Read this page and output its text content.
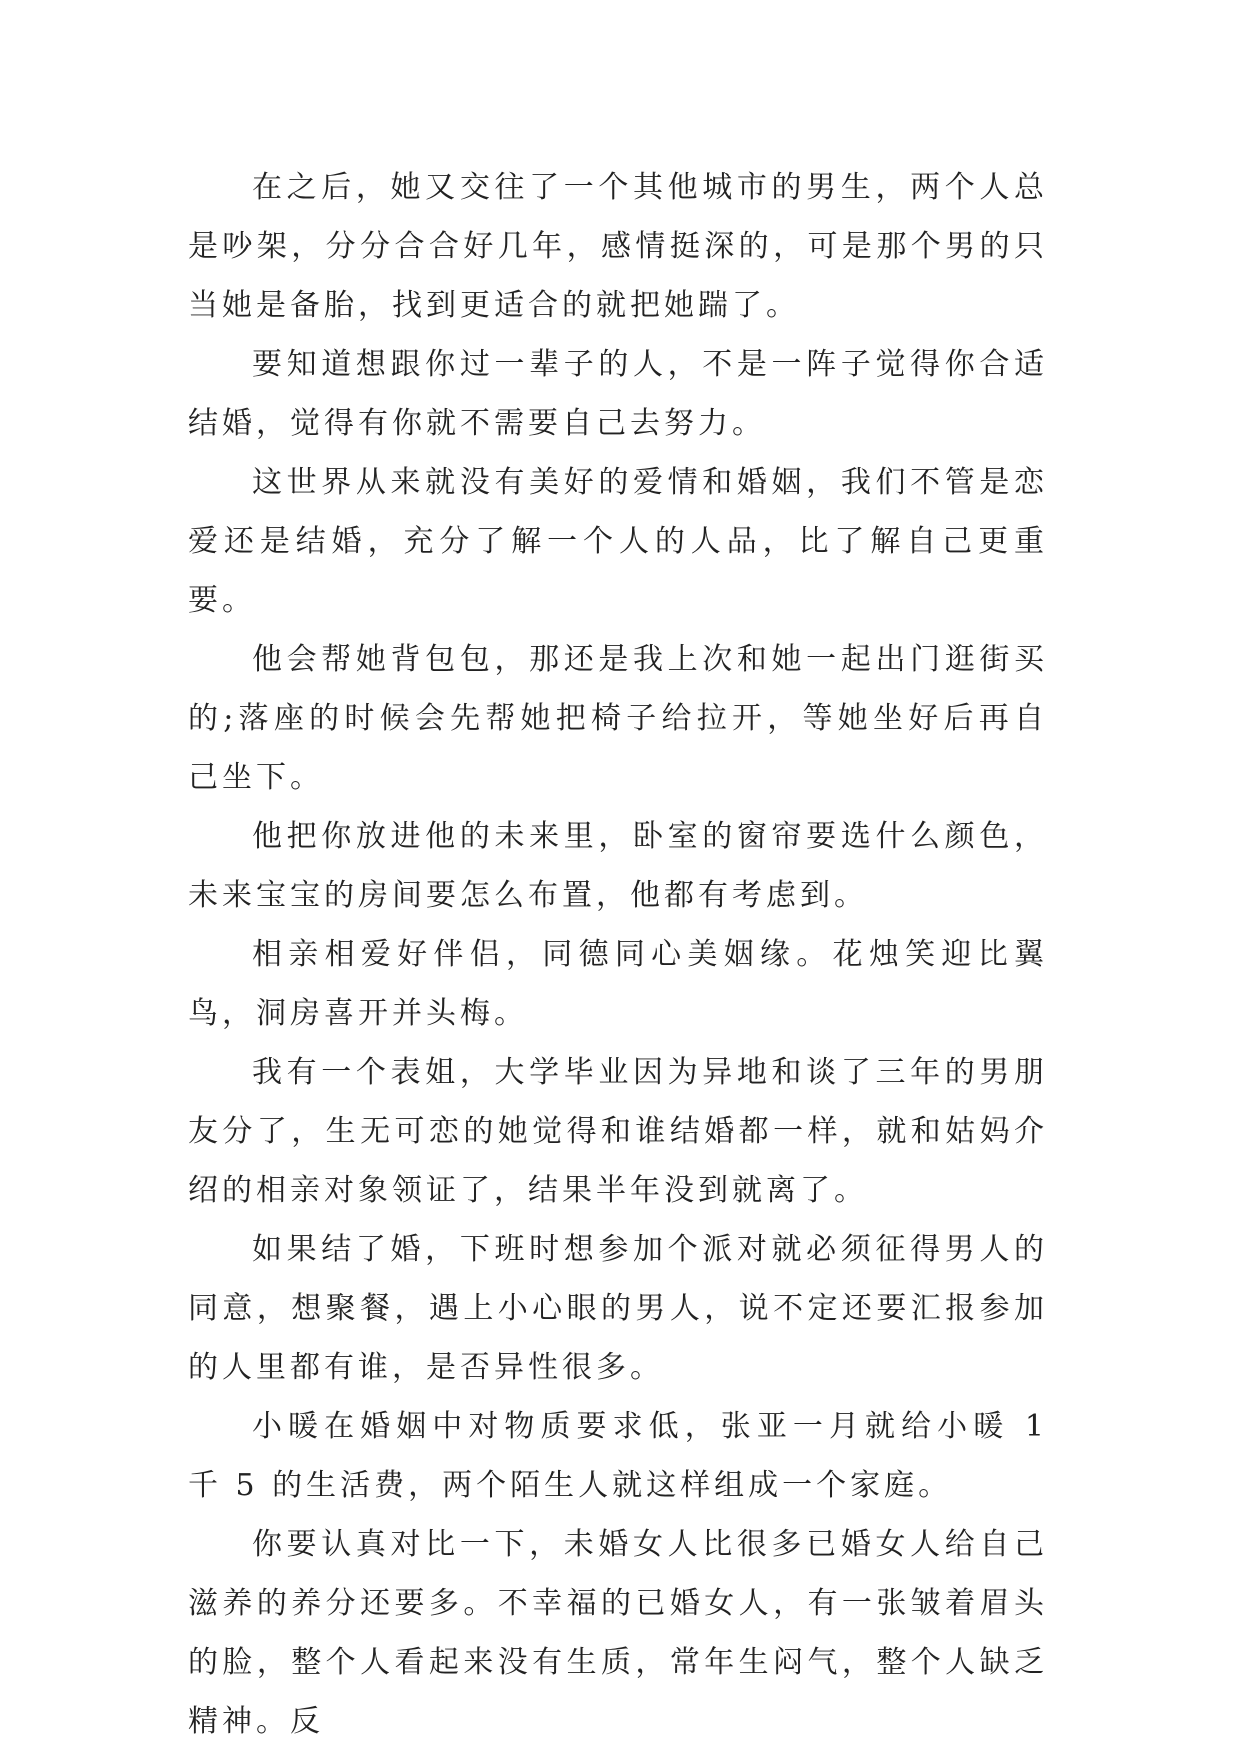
在之后，她又交往了一个其他城市的男生，两个人总是吵架，分分合合好几年，感情挺深的，可是那个男的只当她是备胎，找到更适合的就把她踹了。

要知道想跟你过一辈子的人，不是一阵子觉得你合适结婚，觉得有你就不需要自己去努力。

这世界从来就没有美好的爱情和婚姻，我们不管是恋爱还是结婚，充分了解一个人的人品，比了解自己更重要。

他会帮她背包包，那还是我上次和她一起出门逛街买的;落座的时候会先帮她把椅子给拉开，等她坐好后再自己坐下。

他把你放进他的未来里，卧室的窗帘要选什么颜色，未来宝宝的房间要怎么布置，他都有考虑到。

相亲相爱好伴侣，同德同心美姻缘。花烛笑迎比翼鸟，洞房喜开并头梅。

我有一个表姐，大学毕业因为异地和谈了三年的男朋友分了，生无可恋的她觉得和谁结婚都一样，就和姑妈介绍的相亲对象领证了，结果半年没到就离了。

如果结了婚，下班时想参加个派对就必须征得男人的同意，想聚餐，遇上小心眼的男人，说不定还要汇报参加的人里都有谁，是否异性很多。

小暖在婚姻中对物质要求低，张亚一月就给小暖 1 千 5 的生活费，两个陌生人就这样组成一个家庭。

你要认真对比一下，未婚女人比很多已婚女人给自己滋养的养分还要多。不幸福的已婚女人，有一张皱着眉头的脸，整个人看起来没有生质，常年生闷气，整个人缺乏精神。反
